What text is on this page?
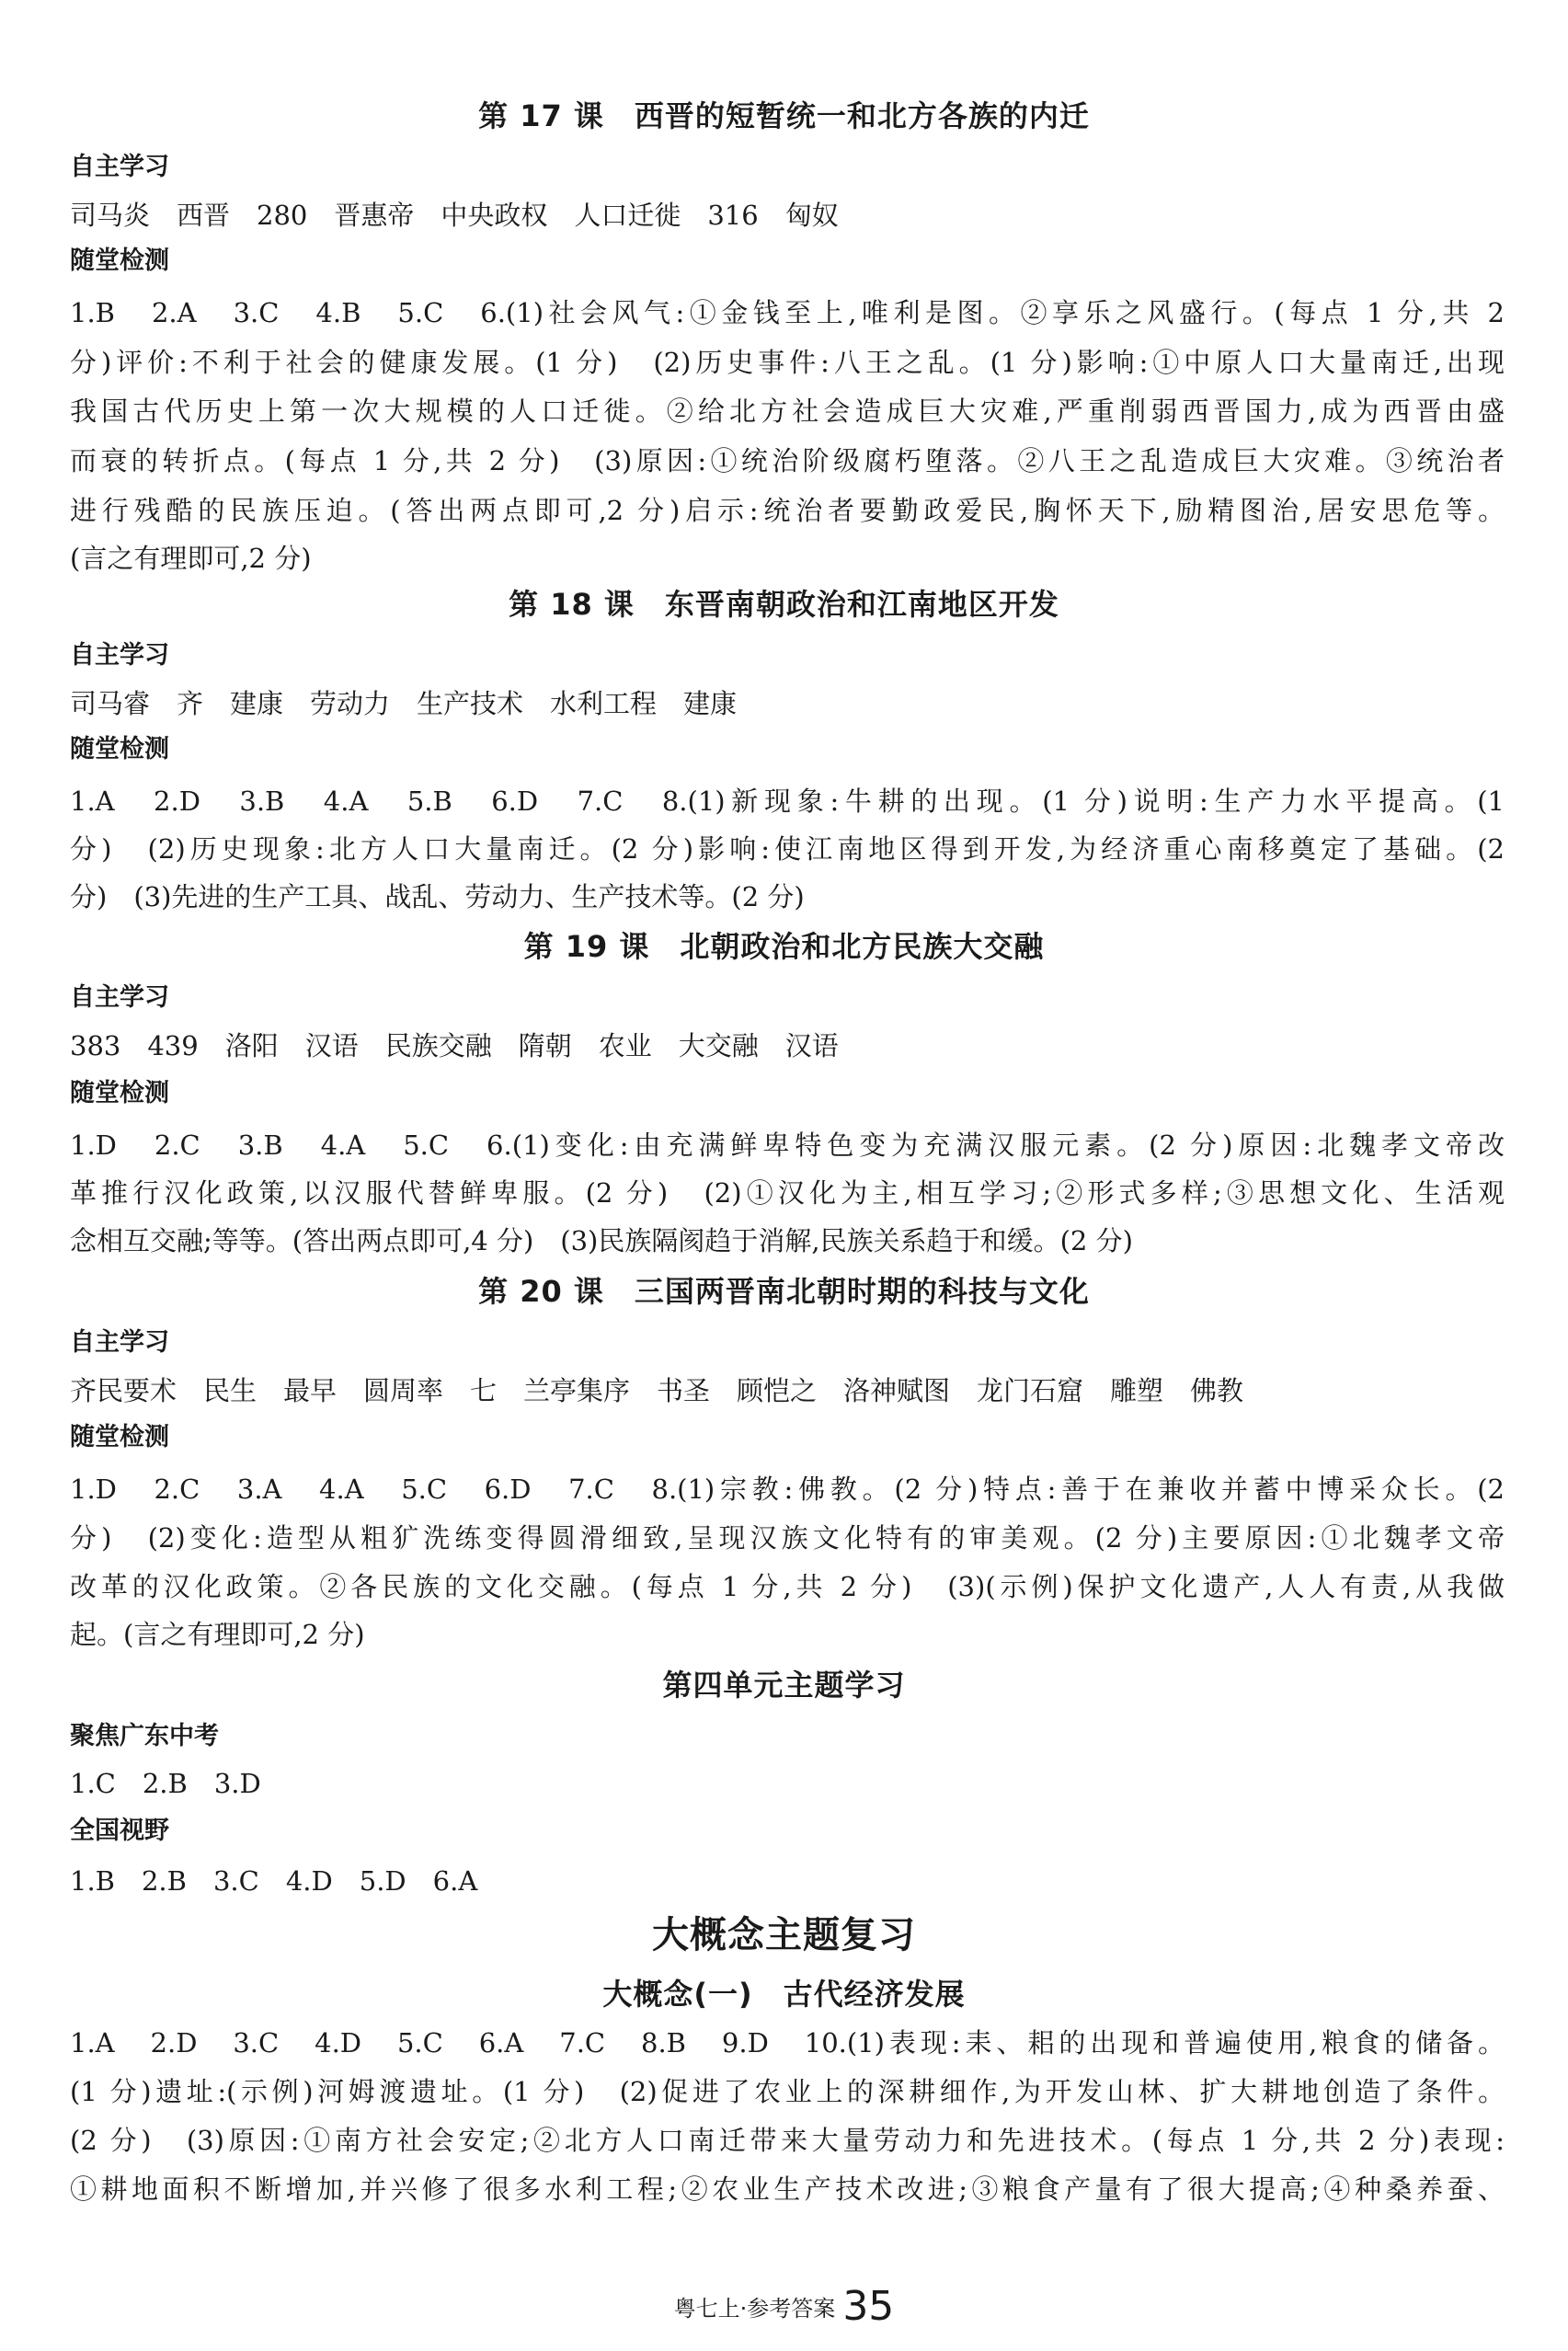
第 17 课　西晋的短暂统一和北方各族的内迁
自主学习
司马炎　西晋　280　晋惠帝　中央政权　人口迁徙　316　匈奴
随堂检测
1.B　2.A　3.C　4.B　5.C　6.(1)社会风气:①金钱至上,唯利是图。②享乐之风盛行。(每点 1 分,共 2
分)评价:不利于社会的健康发展。(1 分)　(2)历史事件:八王之乱。(1 分)影响:①中原人口大量南迁,出现
我国古代历史上第一次大规模的人口迁徙。②给北方社会造成巨大灾难,严重削弱西晋国力,成为西晋由盛
而衰的转折点。(每点 1 分,共 2 分)　(3)原因:①统治阶级腐朽堕落。②八王之乱造成巨大灾难。③统治者
进行残酷的民族压迫。(答出两点即可,2 分)启示:统治者要勤政爱民,胸怀天下,励精图治,居安思危等。
(言之有理即可,2 分)
第 18 课　东晋南朝政治和江南地区开发
自主学习
司马睿　齐　建康　劳动力　生产技术　水利工程　建康
随堂检测
1.A　2.D　3.B　4.A　5.B　6.D　7.C　8.(1)新现象:牛耕的出现。(1 分)说明:生产力水平提高。(1
分)　(2)历史现象:北方人口大量南迁。(2 分)影响:使江南地区得到开发,为经济重心南移奠定了基础。(2
分)　(3)先进的生产工具、战乱、劳动力、生产技术等。(2 分)
第 19 课　北朝政治和北方民族大交融
自主学习
383　439　洛阳　汉语　民族交融　隋朝　农业　大交融　汉语
随堂检测
1.D　2.C　3.B　4.A　5.C　6.(1)变化:由充满鲜卑特色变为充满汉服元素。(2 分)原因:北魏孝文帝改
革推行汉化政策,以汉服代替鲜卑服。(2 分)　(2)①汉化为主,相互学习;②形式多样;③思想文化、生活观
念相互交融;等等。(答出两点即可,4 分)　(3)民族隔阂趋于消解,民族关系趋于和缓。(2 分)
第 20 课　三国两晋南北朝时期的科技与文化
自主学习
齐民要术　民生　最早　圆周率　七　兰亭集序　书圣　顾恺之　洛神赋图　龙门石窟　雕塑　佛教
随堂检测
1.D　2.C　3.A　4.A　5.C　6.D　7.C　8.(1)宗教:佛教。(2 分)特点:善于在兼收并蓄中博采众长。(2
分)　(2)变化:造型从粗犷洗练变得圆滑细致,呈现汉族文化特有的审美观。(2 分)主要原因:①北魏孝文帝
改革的汉化政策。②各民族的文化交融。(每点 1 分,共 2 分)　(3)(示例)保护文化遗产,人人有责,从我做
起。(言之有理即可,2 分)
第四单元主题学习
聚焦广东中考
1.C　2.B　3.D
全国视野
1.B　2.B　3.C　4.D　5.D　6.A
大概念主题复习
大概念(一)　古代经济发展
1.A　2.D　3.C　4.D　5.C　6.A　7.C　8.B　9.D　10.(1)表现:耒、耜的出现和普遍使用,粮食的储备。
(1 分)遗址:(示例)河姆渡遗址。(1 分)　(2)促进了农业上的深耕细作,为开发山林、扩大耕地创造了条件。
(2 分)　(3)原因:①南方社会安定;②北方人口南迁带来大量劳动力和先进技术。(每点 1 分,共 2 分)表现:
①耕地面积不断增加,并兴修了很多水利工程;②农业生产技术改进;③粮食产量有了很大提高;④种桑养蚕、
粤七上·参考答案 35
